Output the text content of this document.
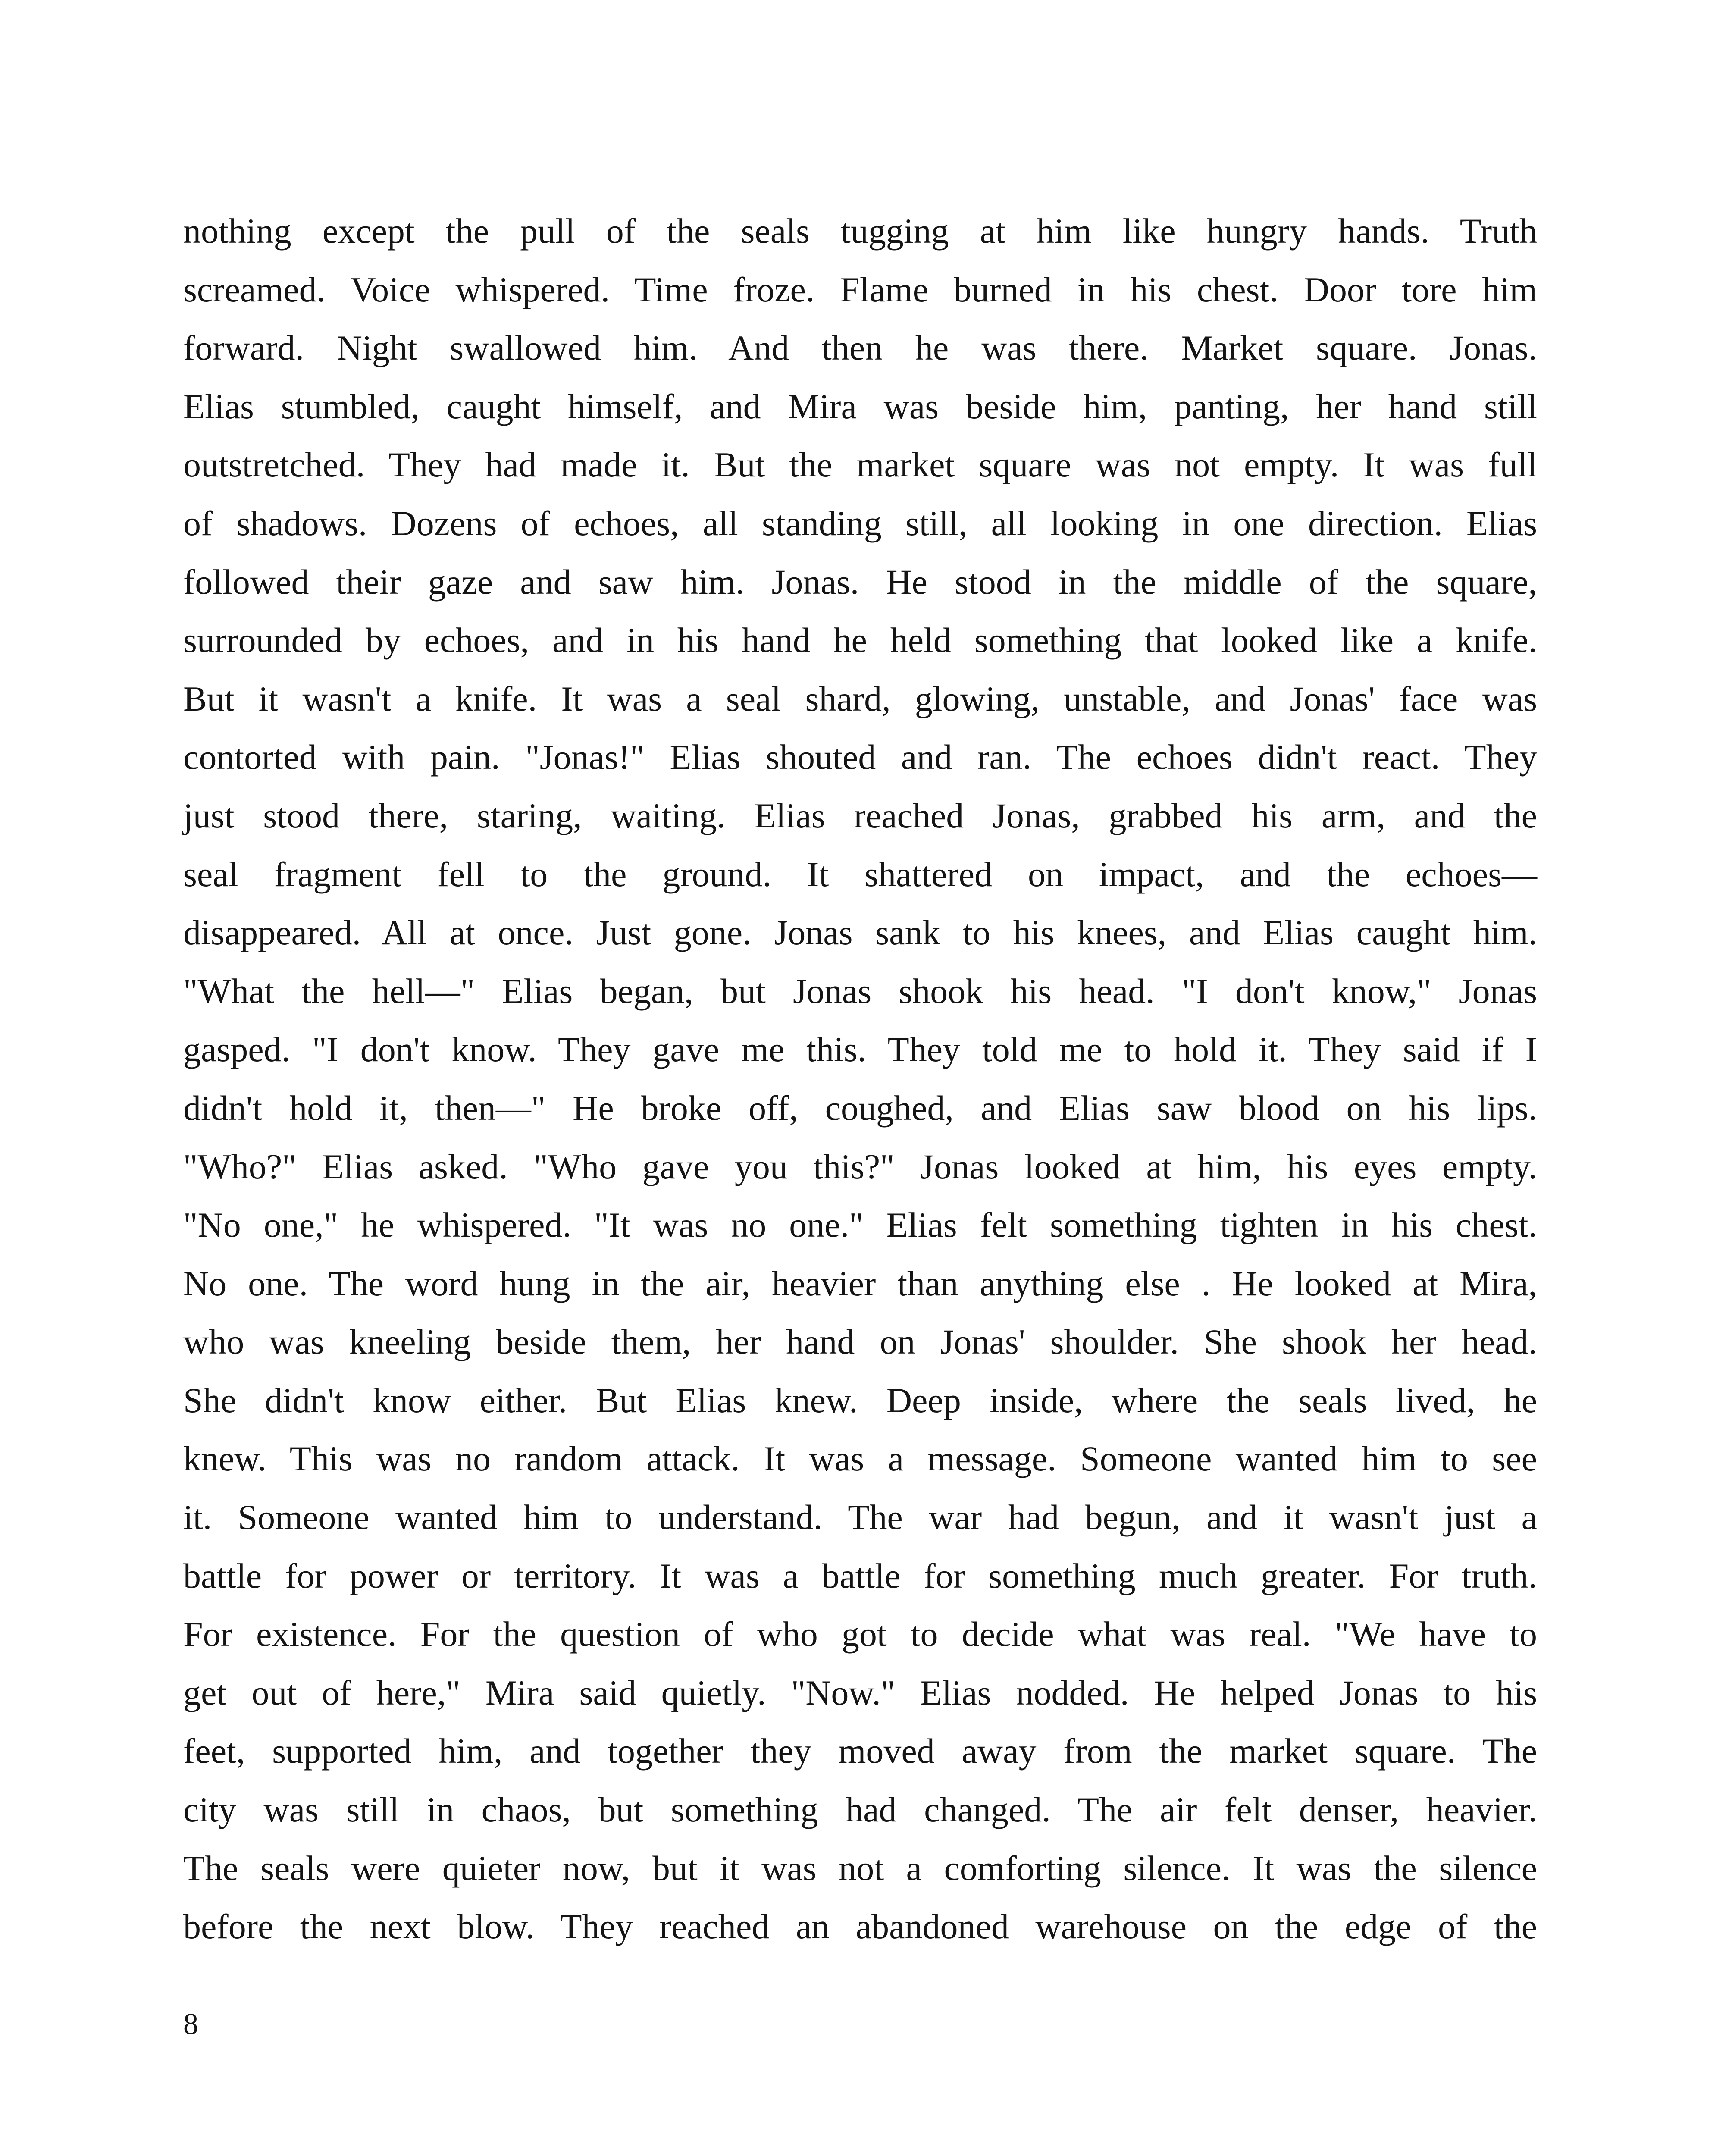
nothing except the pull of the seals tugging at him like hungry hands. Truth
screamed. Voice whispered. Time froze. Flame burned in his chest. Door tore him
forward. Night swallowed him. And then he was there. Market square. Jonas.
Elias stumbled, caught himself, and Mira was beside him, panting, her hand still
outstretched. They had made it. But the market square was not empty. It was full
of shadows. Dozens of echoes, all standing still, all looking in one direction. Elias
followed their gaze and saw him. Jonas. He stood in the middle of the square,
surrounded by echoes, and in his hand he held something that looked like a knife.
But it wasn't a knife. It was a seal shard, glowing, unstable, and Jonas' face was
contorted with pain. "Jonas!" Elias shouted and ran. The echoes didn't react. They
just stood there, staring, waiting. Elias reached Jonas, grabbed his arm, and the
seal fragment fell to the ground. It shattered on impact, and the echoes—
disappeared. All at once. Just gone. Jonas sank to his knees, and Elias caught him.
"What the hell—" Elias began, but Jonas shook his head. "I don't know," Jonas
gasped. "I don't know. They gave me this. They told me to hold it. They said if I
didn't hold it, then—" He broke off, coughed, and Elias saw blood on his lips.
"Who?" Elias asked. "Who gave you this?" Jonas looked at him, his eyes empty.
"No one," he whispered. "It was no one." Elias felt something tighten in his chest.
No one. The word hung in the air, heavier than anything else . He looked at Mira,
who was kneeling beside them, her hand on Jonas' shoulder. She shook her head.
She didn't know either. But Elias knew. Deep inside, where the seals lived, he
knew. This was no random attack. It was a message. Someone wanted him to see
it. Someone wanted him to understand. The war had begun, and it wasn't just a
battle for power or territory. It was a battle for something much greater. For truth.
For existence. For the question of who got to decide what was real. "We have to
get out of here," Mira said quietly. "Now." Elias nodded. He helped Jonas to his
feet, supported him, and together they moved away from the market square. The
city was still in chaos, but something had changed. The air felt denser, heavier.
The seals were quieter now, but it was not a comforting silence. It was the silence
before the next blow. They reached an abandoned warehouse on the edge of the
8
